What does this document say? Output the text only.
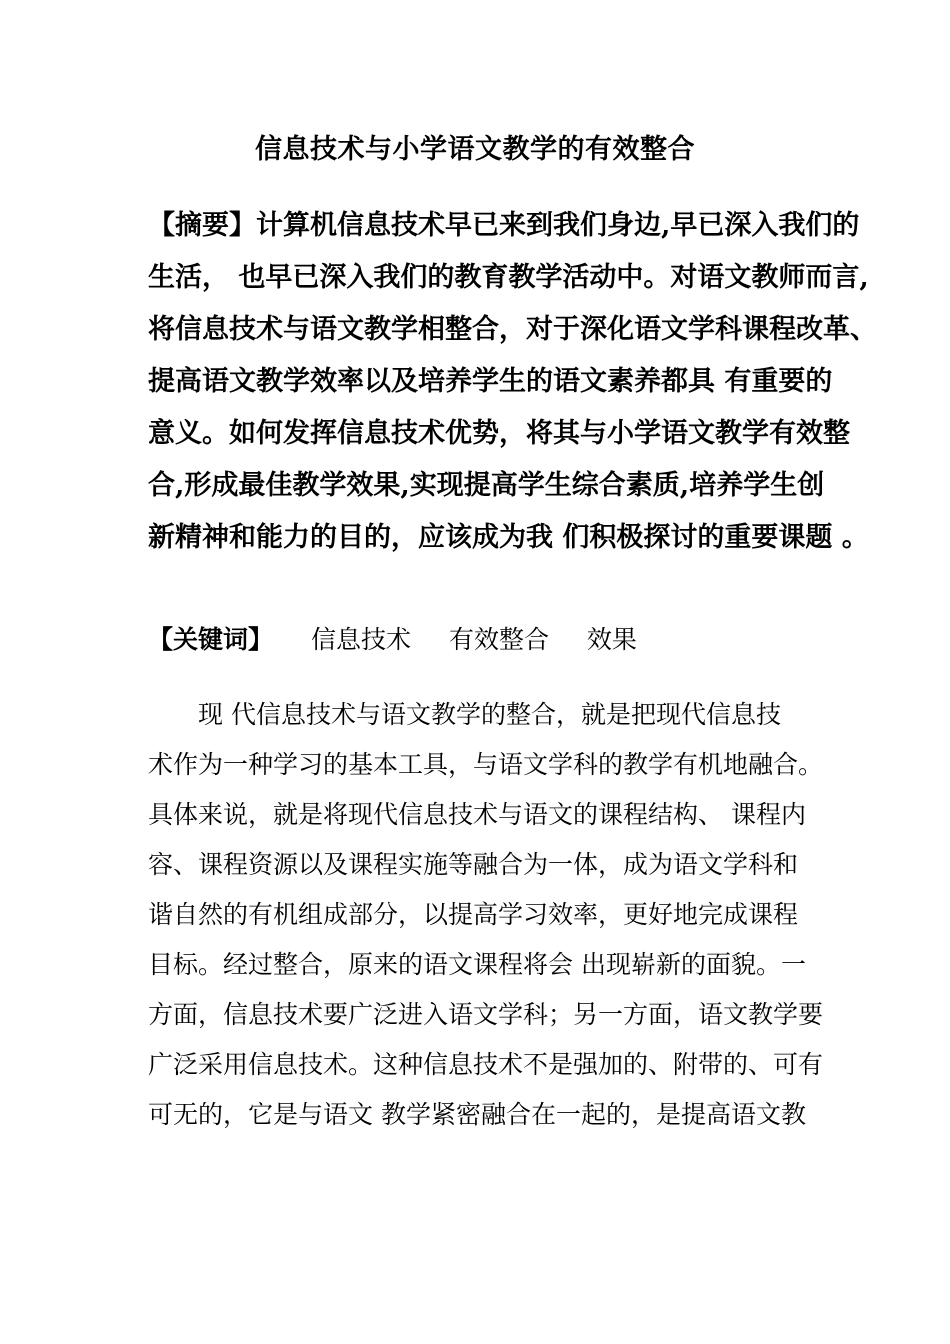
信息技术与小学语文教学的有效整合
【摘要】计算机信息技术早已来到我们身边,早已深入我们的
生活， 也早已深入我们的教育教学活动中。对语文教师而言,
将信息技术与语文教学相整合，对于深化语文学科课程改革、
提高语文教学效率以及培养学生的语文素养都具 有重要的
意义。如何发挥信息技术优势，将其与小学语文教学有效整
合,形成最佳教学效果,实现提高学生综合素质,培养学生创
新精神和能力的目的，应该成为我 们积极探讨的重要课题 。
【关键词】 信息技术 有效整合 效果
现 代信息技术与语文教学的整合，就是把现代信息技
术作为一种学习的基本工具，与语文学科的教学有机地融合。
具体来说，就是将现代信息技术与语文的课程结构、 课程内
容、课程资源以及课程实施等融合为一体，成为语文学科和
谐自然的有机组成部分，以提高学习效率，更好地完成课程
目标。经过整合，原来的语文课程将会 出现崭新的面貌。一
方面，信息技术要广泛进入语文学科；另一方面，语文教学要
广泛采用信息技术。这种信息技术不是强加的、附带的、可有
可无的，它是与语文 教学紧密融合在一起的，是提高语文教
